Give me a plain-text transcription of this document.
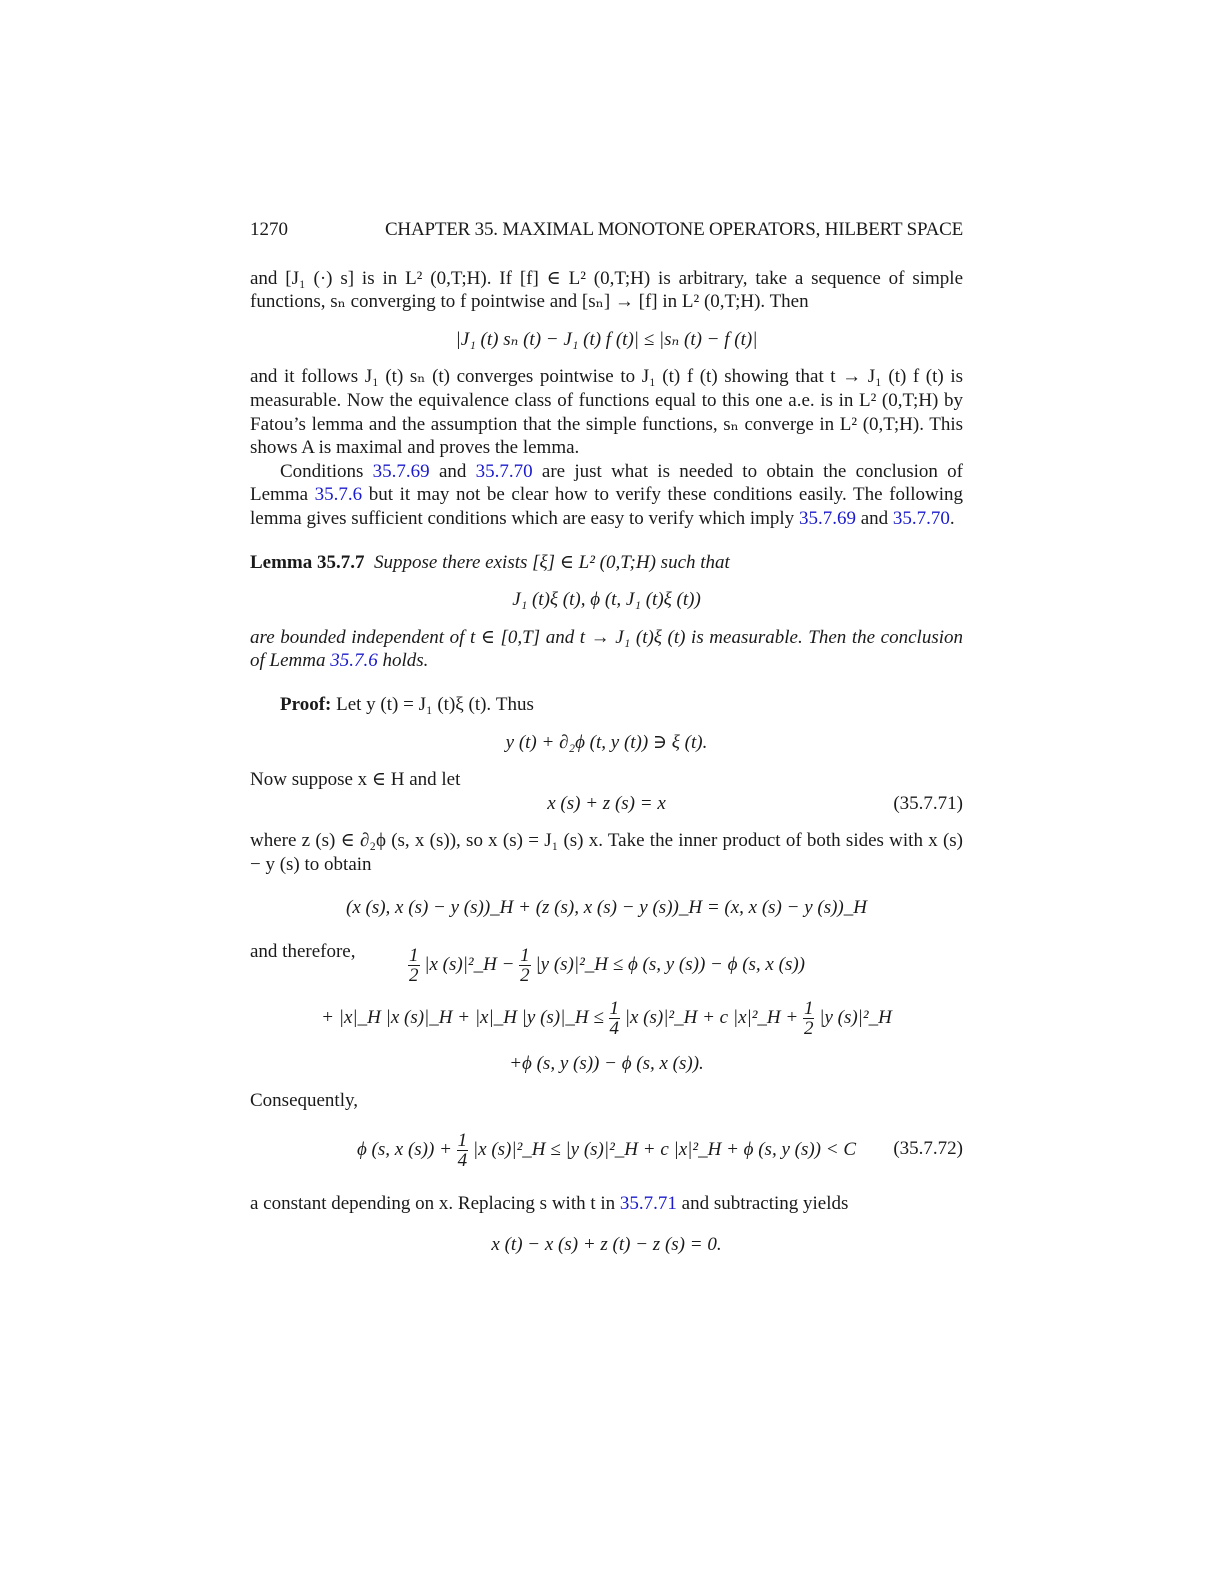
1270	CHAPTER 35. MAXIMAL MONOTONE OPERATORS, HILBERT SPACE

and [J₁ (·) s] is in L² (0,T;H). If [f] ∈ L² (0,T;H) is arbitrary, take a sequence of simple functions, sₙ converging to f pointwise and [sₙ] → [f] in L² (0,T;H). Then

|J₁ (t) sₙ (t) − J₁ (t) f (t)| ≤ |sₙ (t) − f (t)|

and it follows J₁ (t) sₙ (t) converges pointwise to J₁ (t) f (t) showing that t → J₁ (t) f (t) is measurable. Now the equivalence class of functions equal to this one a.e. is in L² (0,T;H) by Fatou’s lemma and the assumption that the simple functions, sₙ converge in L² (0,T;H). This shows A is maximal and proves the lemma.

Conditions 35.7.69 and 35.7.70 are just what is needed to obtain the conclusion of Lemma 35.7.6 but it may not be clear how to verify these conditions easily. The following lemma gives sufficient conditions which are easy to verify which imply 35.7.69 and 35.7.70.

Lemma 35.7.7 Suppose there exists [ξ] ∈ L² (0,T;H) such that

J₁ (t)ξ (t), ϕ (t, J₁ (t)ξ (t))

are bounded independent of t ∈ [0,T] and t → J₁ (t)ξ (t) is measurable. Then the conclusion of Lemma 35.7.6 holds.

Proof: Let y (t) = J₁ (t)ξ (t). Thus

y (t) + ∂₂ϕ (t, y (t)) ∋ ξ (t).

Now suppose x ∈ H and let

x (s) + z (s) = x	(35.7.71)

where z (s) ∈ ∂₂ϕ (s, x (s)), so x (s) = J₁ (s) x. Take the inner product of both sides with x (s) − y (s) to obtain

(x (s), x (s) − y (s))_H + (z (s), x (s) − y (s))_H = (x, x (s) − y (s))_H

and therefore,	$\frac{1}{2} |x$ (s)|²_H − $\frac{1}{2} |y$ (s)|²_H ≤ ϕ (s, y (s)) − ϕ (s, x (s))
+ |x|_H |x (s)|_H + |x|_H |y (s)|_H ≤ $\frac{1}{4} |x$ (s)|²_H + c |x|²_H + $\frac{1}{2} |y$ (s)|²_H
+ϕ (s, y (s)) − ϕ (s, x (s)).

Consequently,

ϕ (s, x $(s)) + \frac{1}{4} |x$ (s)|²_H ≤ |y (s)|²_H + c |x|²_H + ϕ (s, y (s)) < C (35.7.72)

a constant depending on x. Replacing s with t in 35.7.71 and subtracting yields

x (t) − x (s) + z (t) − z (s) = 0.
